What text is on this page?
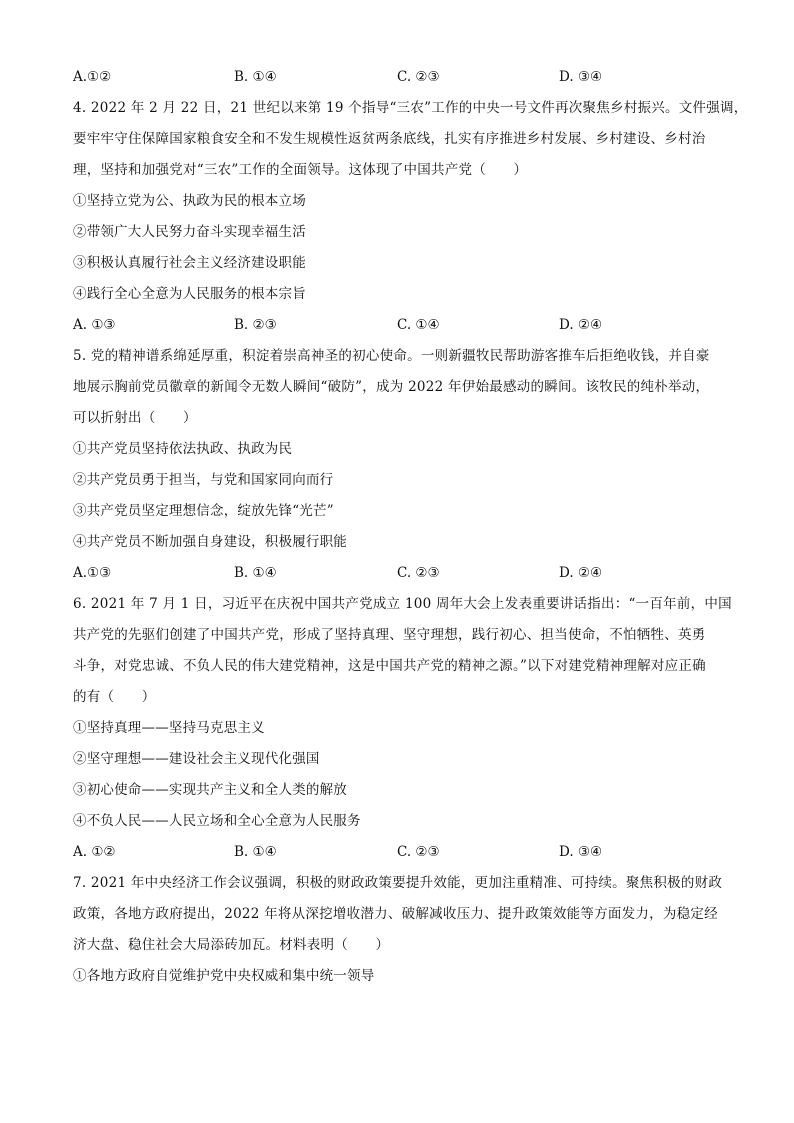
A.①②	B. ①④	C. ②③	D. ③④
4. 2022 年 2 月 22 日，21 世纪以来第 19 个指导“三农”工作的中央一号文件再次聚焦乡村振兴。文件强调，
要牢牢守住保障国家粮食安全和不发生规模性返贫两条底线，扎实有序推进乡村发展、乡村建设、乡村治
理，坚持和加强党对“三农”工作的全面领导。这体现了中国共产党（　　）
①坚持立党为公、执政为民的根本立场
②带领广大人民努力奋斗实现幸福生活
③积极认真履行社会主义经济建设职能
④践行全心全意为人民服务的根本宗旨
A. ①③	B. ②③	C. ①④	D. ②④
5. 党的精神谱系绵延厚重，积淀着崇高神圣的初心使命。一则新疆牧民帮助游客推车后拒绝收钱，并自豪
地展示胸前党员徽章的新闻令无数人瞬间“破防”，成为 2022 年伊始最感动的瞬间。该牧民的纯朴举动，
可以折射出（　　）
①共产党员坚持依法执政、执政为民
②共产党员勇于担当，与党和国家同向而行
③共产党员坚定理想信念，绽放先锋“光芒”
④共产党员不断加强自身建设，积极履行职能
A.①③	B. ①④	C. ②③	D. ②④
6. 2021 年 7 月 1 日，习近平在庆祝中国共产党成立 100 周年大会上发表重要讲话指出：“一百年前，中国
共产党的先驱们创建了中国共产党，形成了坚持真理、坚守理想，践行初心、担当使命，不怕牺牲、英勇
斗争，对党忠诚、不负人民的伟大建党精神，这是中国共产党的精神之源。”以下对建党精神理解对应正确
的有（　　）
①坚持真理——坚持马克思主义
②坚守理想——建设社会主义现代化强国
③初心使命——实现共产主义和全人类的解放
④不负人民——人民立场和全心全意为人民服务
A. ①②	B. ①④	C. ②③	D. ③④
7. 2021 年中央经济工作会议强调，积极的财政政策要提升效能，更加注重精准、可持续。聚焦积极的财政
政策，各地方政府提出，2022 年将从深挖增收潜力、破解减收压力、提升政策效能等方面发力，为稳定经
济大盘、稳住社会大局添砖加瓦。材料表明（　　）
①各地方政府自觉维护党中央权威和集中统一领导
